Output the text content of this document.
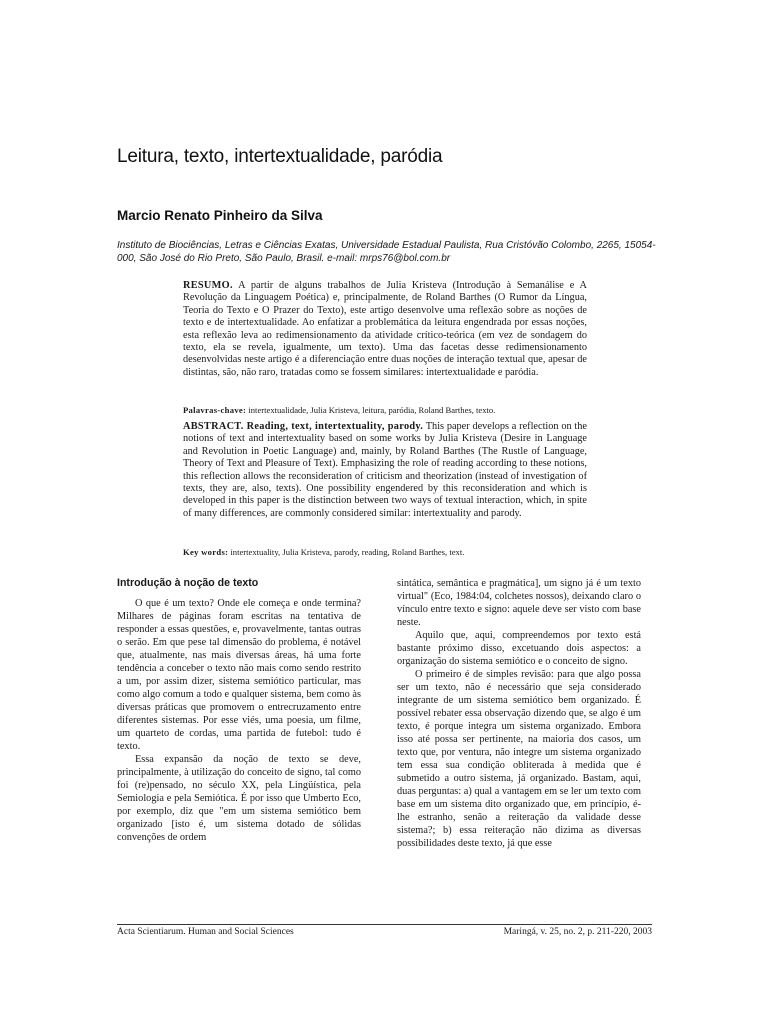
Leitura, texto, intertextualidade, paródia
Marcio Renato Pinheiro da Silva
Instituto de Biociências, Letras e Ciências Exatas, Universidade Estadual Paulista, Rua Cristóvão Colombo, 2265, 15054-000, São José do Rio Preto, São Paulo, Brasil. e-mail: mrps76@bol.com.br
RESUMO. A partir de alguns trabalhos de Julia Kristeva (Introdução à Semanálise e A Revolução da Linguagem Poética) e, principalmente, de Roland Barthes (O Rumor da Língua, Teoria do Texto e O Prazer do Texto), este artigo desenvolve uma reflexão sobre as noções de texto e de intertextualidade. Ao enfatizar a problemática da leitura engendrada por essas noções, esta reflexão leva ao redimensionamento da atividade crítico-teórica (em vez de sondagem do texto, ela se revela, igualmente, um texto). Uma das facetas desse redimensionamento desenvolvidas neste artigo é a diferenciação entre duas noções de interação textual que, apesar de distintas, são, não raro, tratadas como se fossem similares: intertextualidade e paródia.
Palavras-chave: intertextualidade, Julia Kristeva, leitura, paródia, Roland Barthes, texto.
ABSTRACT. Reading, text, intertextuality, parody. This paper develops a reflection on the notions of text and intertextuality based on some works by Julia Kristeva (Desire in Language and Revolution in Poetic Language) and, mainly, by Roland Barthes (The Rustle of Language, Theory of Text and Pleasure of Text). Emphasizing the role of reading according to these notions, this reflection allows the reconsideration of criticism and theorization (instead of investigation of texts, they are, also, texts). One possibility engendered by this reconsideration and which is developed in this paper is the distinction between two ways of textual interaction, which, in spite of many differences, are commonly considered similar: intertextuality and parody.
Key words: intertextuality, Julia Kristeva, parody, reading, Roland Barthes, text.
Introdução à noção de texto

O que é um texto? Onde ele começa e onde termina? Milhares de páginas foram escritas na tentativa de responder a essas questões, e, provavelmente, tantas outras o serão. Em que pese tal dimensão do problema, é notável que, atualmente, nas mais diversas áreas, há uma forte tendência a conceber o texto não mais como sendo restrito a um, por assim dizer, sistema semiótico particular, mas como algo comum a todo e qualquer sistema, bem como às diversas práticas que promovem o entrecruzamento entre diferentes sistemas. Por esse viés, uma poesia, um filme, um quarteto de cordas, uma partida de futebol: tudo é texto.

Essa expansão da noção de texto se deve, principalmente, à utilização do conceito de signo, tal como foi (re)pensado, no século XX, pela Lingüística, pela Semiologia e pela Semiótica. É por isso que Umberto Eco, por exemplo, diz que "em um sistema semiótico bem organizado [isto é, um sistema dotado de sólidas convenções de ordem

sintática, semântica e pragmática], um signo já é um texto virtual" (Eco, 1984:04, colchetes nossos), deixando claro o vínculo entre texto e signo: aquele deve ser visto com base neste.

Aquilo que, aqui, compreendemos por texto está bastante próximo disso, excetuando dois aspectos: a organização do sistema semiótico e o conceito de signo.

O primeiro é de simples revisão: para que algo possa ser um texto, não é necessário que seja considerado integrante de um sistema semiótico bem organizado. É possível rebater essa observação dizendo que, se algo é um texto, é porque integra um sistema organizado. Embora isso até possa ser pertinente, na maioria dos casos, um texto que, por ventura, não integre um sistema organizado tem essa sua condição obliterada à medida que é submetido a outro sistema, já organizado. Bastam, aqui, duas perguntas: a) qual a vantagem em se ler um texto com base em um sistema dito organizado que, em princípio, é-lhe estranho, senão a reiteração da validade desse sistema?; b) essa reiteração não dizima as diversas possibilidades deste texto, já que esse

Acta Scientiarum. Human and Social Sciences	Maringá, v. 25, no. 2, p. 211-220, 2003
